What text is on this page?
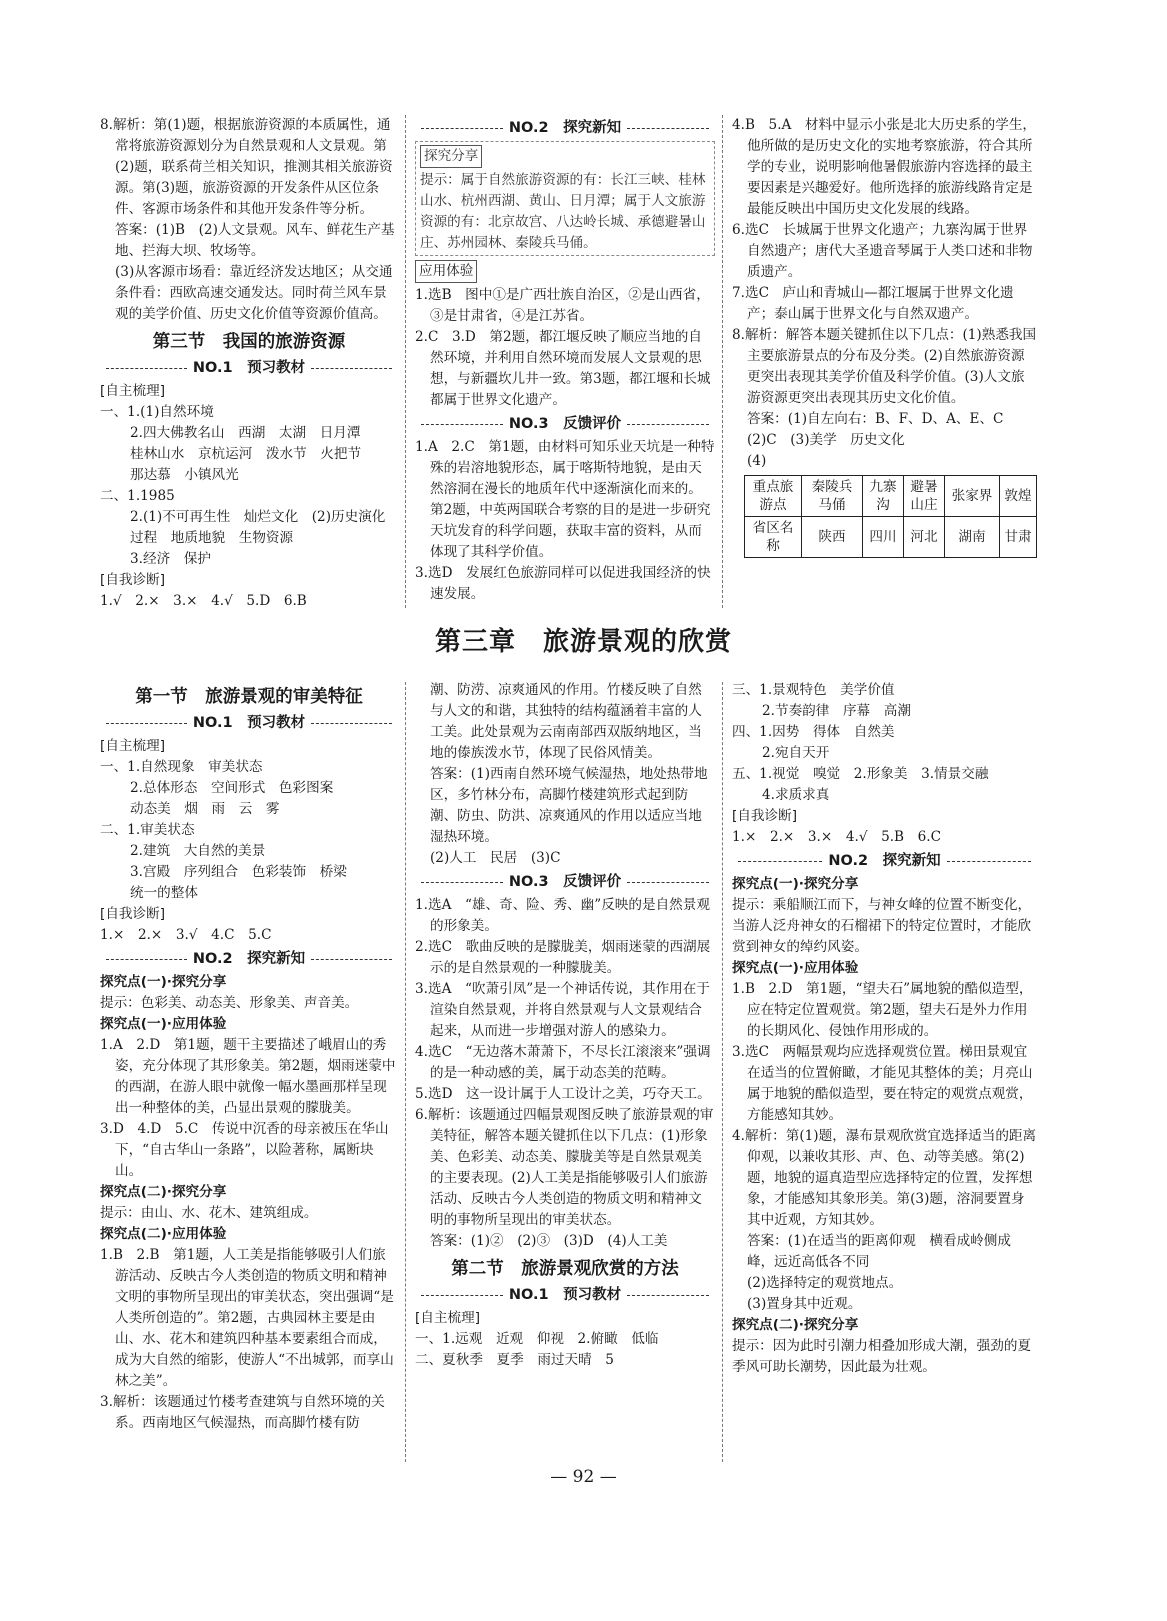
8.解析：第(1)题，根据旅游资源的本质属性，通常将旅游资源划分为自然景观和人文景观。第(2)题，联系荷兰相关知识，推测其相关旅游资源。第(3)题，旅游资源的开发条件从区位条件、客源市场条件和其他开发条件等分析。

答案：(1)B　(2)人文景观。风车、鲜花生产基地、拦海大坝、牧场等。

(3)从客源市场看：靠近经济发达地区；从交通条件看：西欧高速交通发达。同时荷兰风车景观的美学价值、历史文化价值等资源价值高。

第三节　我国的旅游资源
NO.1　预习教材
[ 自主梳理 ]

一、1.(1)自然环境

2.四大佛教名山　西湖　太湖　日月潭

桂林山水　京杭运河　泼水节　火把节

那达慕　小镇风光

二、1.1985

2.(1)不可再生性　灿烂文化　(2)历史演化过程　地质地貌　生物资源

3.经济　保护

[ 自我诊断 ]

1.√　2.×　3.×　4.√　5.D　6.B

NO.2　探究新知
探究分享

提示：属于自然旅游资源的有：长江三峡、桂林山水、杭州西湖、黄山、日月潭；属于人文旅游资源的有：北京故宫、八达岭长城、承德避暑山庄、苏州园林、秦陵兵马俑。

应用体验

1.选B　图中①是广西壮族自治区，②是山西省，③是甘肃省，④是江苏省。

2.C　3.D　第2题，都江堰反映了顺应当地的自然环境，并利用自然环境而发展人文景观的思想，与新疆坎儿井一致。第3题，都江堰和长城都属于世界文化遗产。

NO.3　反馈评价

1.A　2.C　第1题，由材料可知乐业天坑是一种特殊的岩溶地貌形态，属于喀斯特地貌，是由天然溶洞在漫长的地质年代中逐渐演化而来的。第2题，中英两国联合考察的目的是进一步研究天坑发育的科学问题，获取丰富的资料，从而体现了其科学价值。

3.选D　发展红色旅游同样可以促进我国经济的快速发展。

4.B　5.A　材料中显示小张是北大历史系的学生，他所做的是历史文化的实地考察旅游，符合其所学的专业，说明影响他暑假旅游内容选择的最主要因素是兴趣爱好。他所选择的旅游线路肯定是最能反映出中国历史文化发展的线路。

6.选C　长城属于世界文化遗产；九寨沟属于世界自然遗产；唐代大圣遗音琴属于人类口述和非物质遗产。

7.选C　庐山和青城山—都江堰属于世界文化遗产；泰山属于世界文化与自然双遗产。

8.解析：解答本题关键抓住以下几点：(1)熟悉我国主要旅游景点的分布及分类。(2)自然旅游资源更突出表现其美学价值及科学价值。(3)人文旅游资源更突出表现其历史文化价值。

答案：(1)自左向右：B、F、D、A、E、C

(2)C　(3)美学　历史文化

(4)

重点旅游点	秦陵兵马俑	九寨沟	避暑山庄	张家界	敦煌
省区名称	陕西	四川	河北	湖南	甘肃
第三章　旅游景观的欣赏
第一节　旅游景观的审美特征
NO.1　预习教材
[ 自主梳理 ]

一、1.自然现象　审美状态

2.总体形态　空间形式　色彩图案

动态美　烟　雨　云　雾

二、1.审美状态

2.建筑　大自然的美景

3.宫殿　序列组合　色彩装饰　桥梁

统一的整体

[ 自我诊断 ]

1.×　2.×　3.√　4.C　5.C

NO.2　探究新知

探究点(一)·探究分享

提示：色彩美、动态美、形象美、声音美。

探究点(一)·应用体验

1.A　2.D　第1题，题干主要描述了峨眉山的秀姿，充分体现了其形象美。第2题，烟雨迷蒙中的西湖，在游人眼中就像一幅水墨画那样呈现出一种整体的美，凸显出景观的朦胧美。

3.D　4.D　5.C　传说中沉香的母亲被压在华山下，“自古华山一条路”，以险著称，属断块山。

探究点(二)·探究分享

提示：由山、水、花木、建筑组成。

探究点(二)·应用体验

1.B　2.B　第1题，人工美是指能够吸引人们旅游活动、反映古今人类创造的物质文明和精神文明的事物所呈现出的审美状态，突出强调“是人类所创造的”。第2题，古典园林主要是由山、水、花木和建筑四种基本要素组合而成，成为大自然的缩影，使游人“不出城郭，而享山林之美”。

3.解析：该题通过竹楼考查建筑与自然环境的关系。西南地区气候湿热，而高脚竹楼有防

潮、防涝、凉爽通风的作用。竹楼反映了自然与人文的和谐，其独特的结构蕴涵着丰富的人工美。此处景观为云南南部西双版纳地区，当地的傣族泼水节，体现了民俗风情美。

答案：(1)西南自然环境气候湿热，地处热带地区，多竹林分布，高脚竹楼建筑形式起到防潮、防虫、防洪、凉爽通风的作用以适应当地湿热环境。

(2)人工　民居　(3)C

NO.3　反馈评价

1.选A　“雄、奇、险、秀、幽”反映的是自然景观的形象美。

2.选C　歌曲反映的是朦胧美，烟雨迷蒙的西湖展示的是自然景观的一种朦胧美。

3.选A　“吹萧引凤”是一个神话传说，其作用在于渲染自然景观，并将自然景观与人文景观结合起来，从而进一步增强对游人的感染力。

4.选C　“无边落木萧萧下，不尽长江滚滚来”强调的是一种动感的美，属于动态美的范畴。

5.选D　这一设计属于人工设计之美，巧夺天工。

6.解析：该题通过四幅景观图反映了旅游景观的审美特征，解答本题关键抓住以下几点：(1)形象美、色彩美、动态美、朦胧美等是自然景观美的主要表现。(2)人工美是指能够吸引人们旅游活动、反映古今人类创造的物质文明和精神文明的事物所呈现出的审美状态。

答案：(1)②　(2)③　(3)D　(4)人工美

第二节　旅游景观欣赏的方法
NO.1　预习教材
[ 自主梳理 ]

一、1.远观　近观　仰视　2.俯瞰　低临

二、夏秋季　夏季　雨过天晴　5

三、1.景观特色　美学价值

2.节奏韵律　序幕　高潮

四、1.因势　得体　自然美

2.宛自天开

五、1.视觉　嗅觉　2.形象美　3.情景交融

4.求质求真

[ 自我诊断 ]

1.×　2.×　3.×　4.√　5.B　6.C

NO.2　探究新知

探究点(一)·探究分享

提示：乘船顺江而下，与神女峰的位置不断变化，当游人泛舟神女的石榴裙下的特定位置时，才能欣赏到神女的绰约风姿。

探究点(一)·应用体验

1.B　2.D　第1题，“望夫石”属地貌的酷似造型，应在特定位置观赏。第2题，望夫石是外力作用的长期风化、侵蚀作用形成的。

3.选C　两幅景观均应选择观赏位置。梯田景观宜在适当的位置俯瞰，才能见其整体的美；月亮山属于地貌的酷似造型，要在特定的观赏点观赏，方能感知其妙。

4.解析：第(1)题，瀑布景观欣赏宜选择适当的距离仰观，以兼收其形、声、色、动等美感。第(2)题，地貌的逼真造型应选择特定的位置，发挥想象，才能感知其象形美。第(3)题，溶洞要置身其中近观，方知其妙。

答案：(1)在适当的距离仰观　横看成岭侧成峰，远近高低各不同

(2)选择特定的观赏地点。

(3)置身其中近观。

探究点(二)·探究分享

提示：因为此时引潮力相叠加形成大潮，强劲的夏季风可助长潮势，因此最为壮观。

— 92 —
